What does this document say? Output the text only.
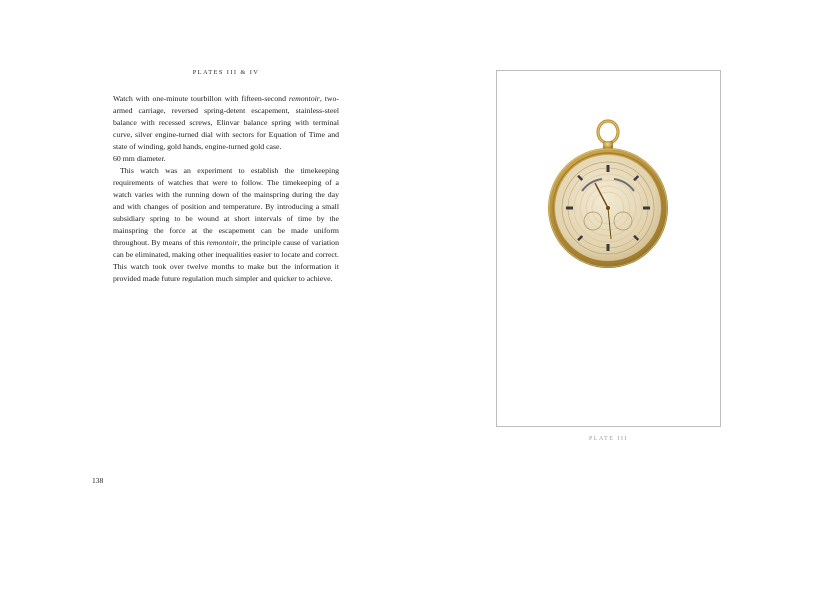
PLATES III & IV

Watch with one-minute tourbillon with fifteen-second remontoir, two-armed carriage, reversed spring-detent escapement, stainless-steel balance with recessed screws, Elinvar balance spring with terminal curve, silver engine-turned dial with sectors for Equation of Time and state of winding, gold hands, engine-turned gold case.

60 mm diameter.

This watch was an experiment to establish the timekeeping requirements of watches that were to follow. The timekeeping of a watch varies with the running down of the mainspring during the day and with changes of position and temperature. By introducing a small subsidiary spring to be wound at short intervals of time by the mainspring the force at the escapement can be made uniform throughout. By means of this remontoir, the principle cause of variation can be eliminated, making other inequalities easier to locate and correct. This watch took over twelve months to make but the information it provided made future regulation much simpler and quicker to achieve.

138
PLATE III
